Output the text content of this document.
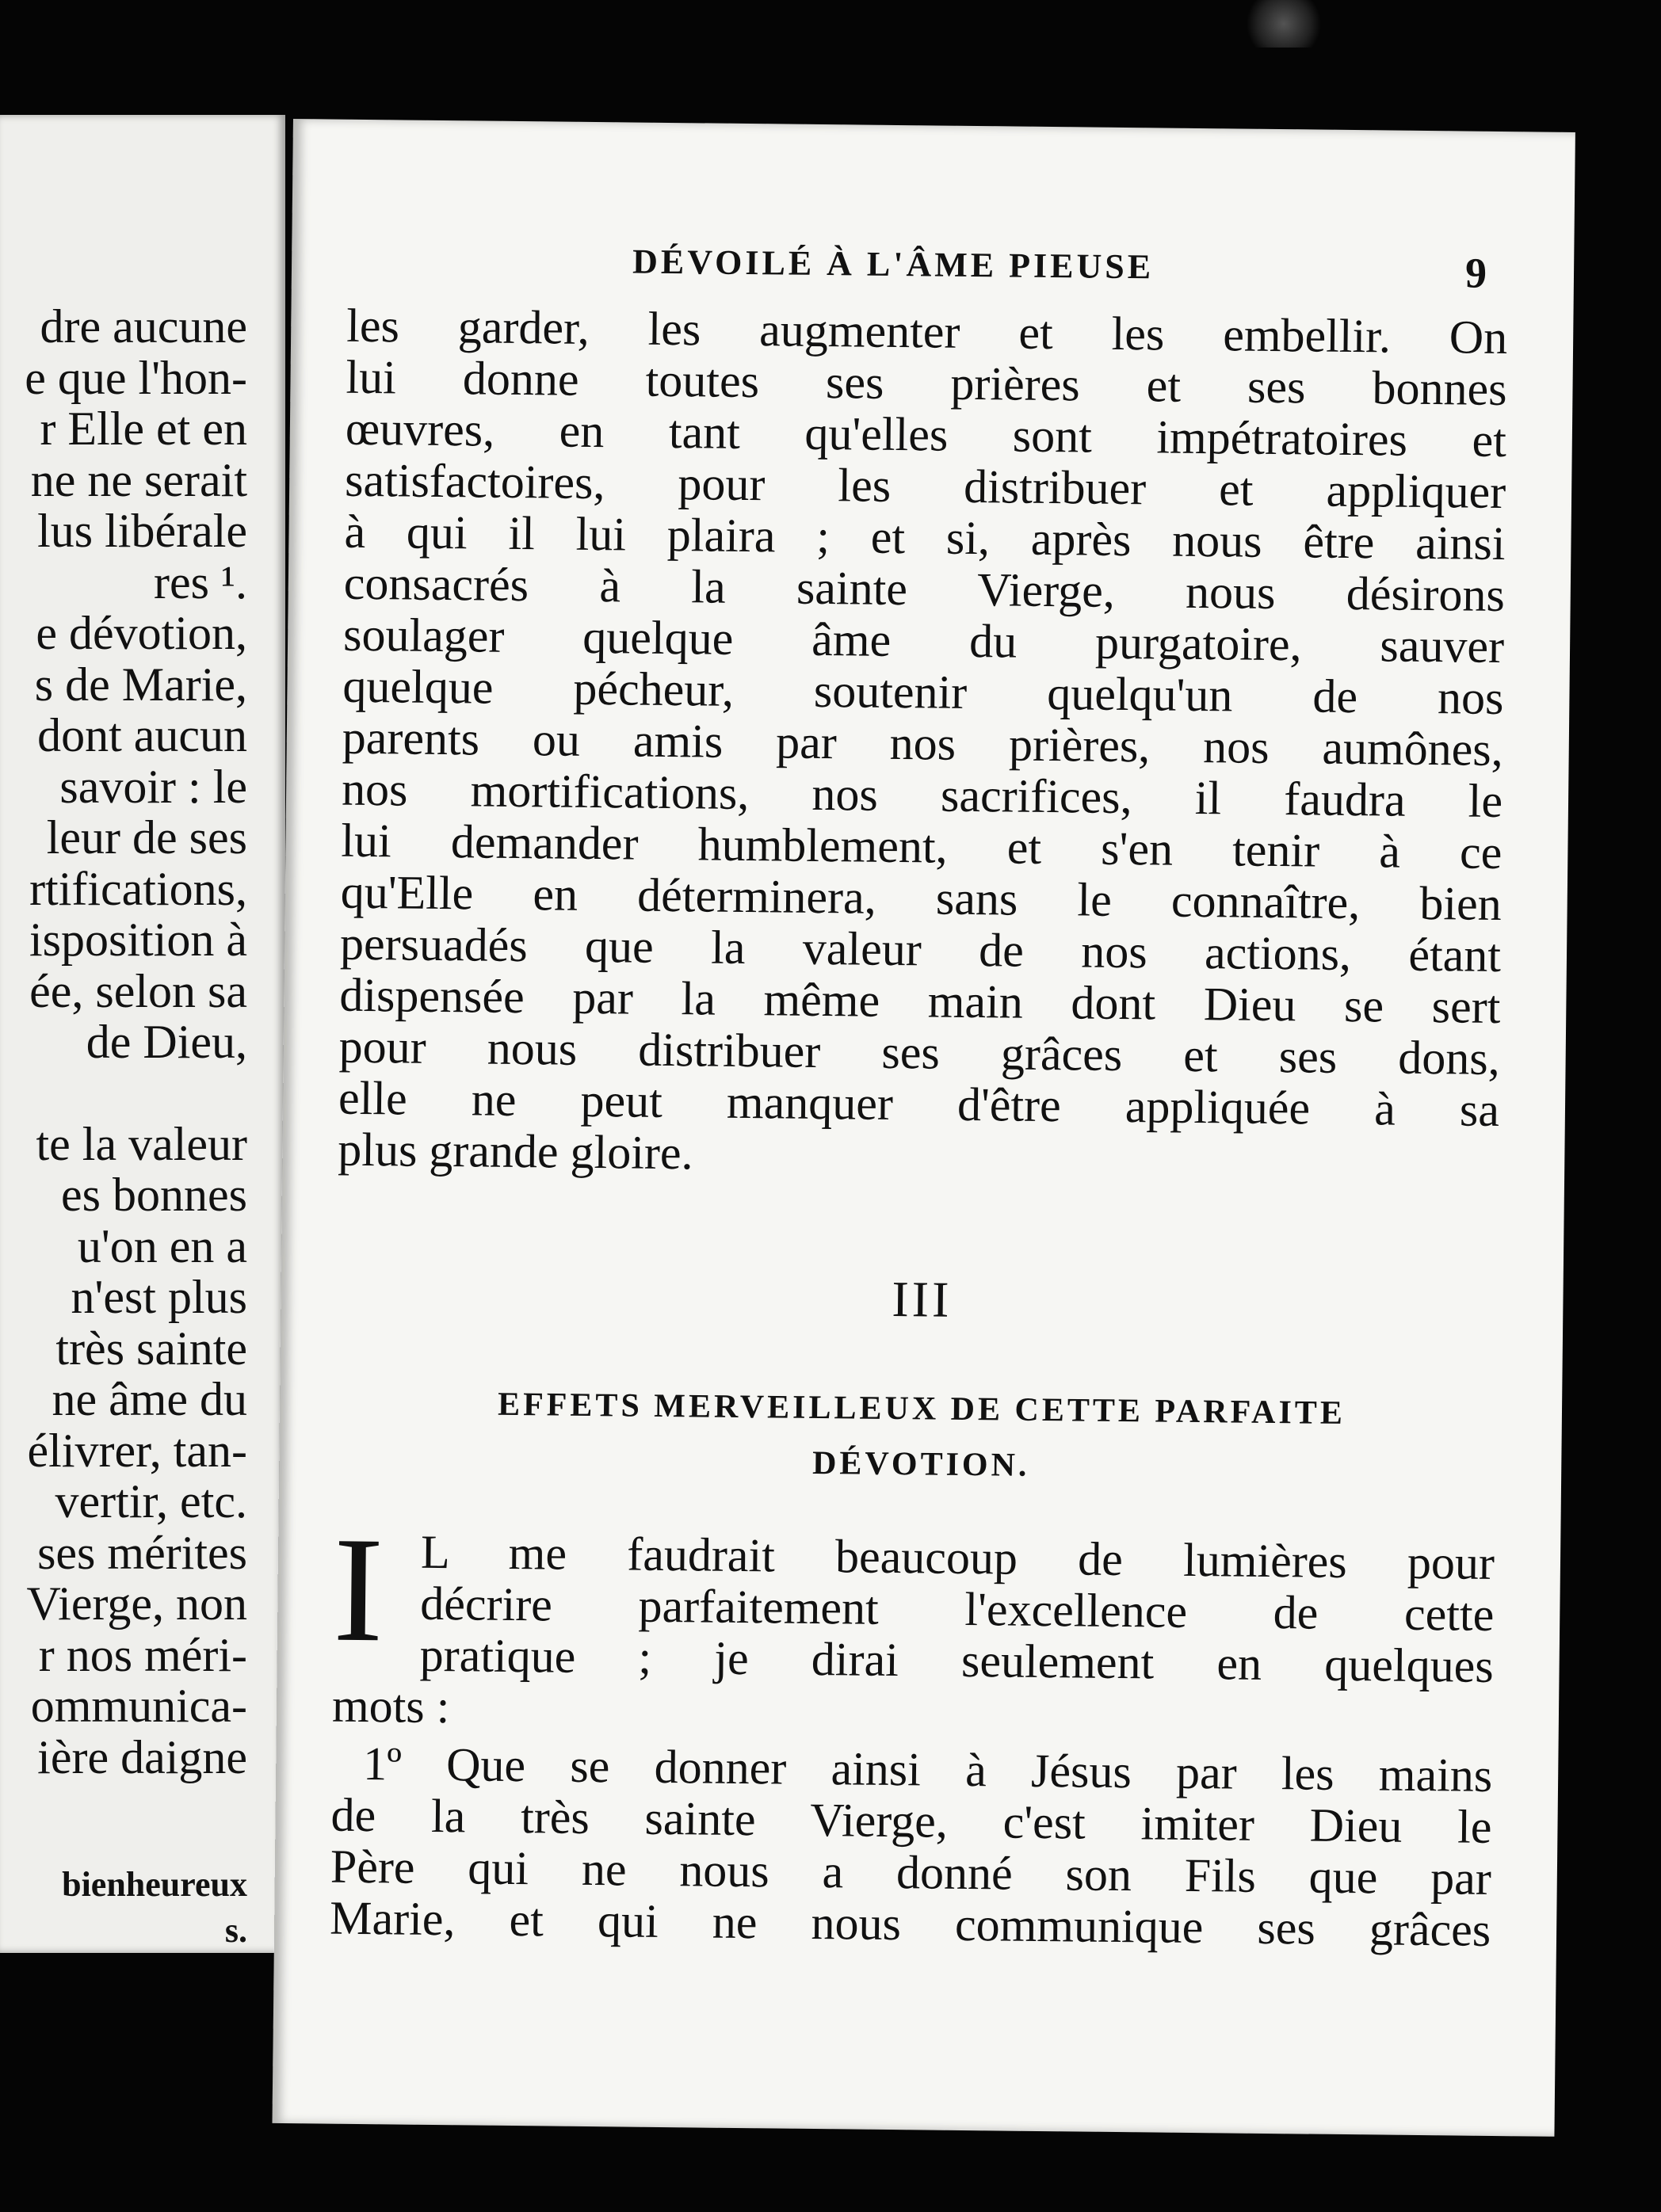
dre aucune
e que l'hon-
r Elle et en
ne ne serait
lus libérale
res ¹.
e dévotion,
s de Marie,
dont aucun
savoir : le
leur de ses
rtifications,
isposition à
ée, selon sa
de Dieu,
te la valeur
es bonnes
u'on en a
n'est plus
très sainte
ne âme du
élivrer, tan-
vertir, etc.
ses mérites
Vierge, non
r nos méri-
ommunica-
ière daigne
bienheureux
s.
DÉVOILÉ À L'ÂME PIEUSE	9
les garder, les augmenter et les embellir. On
lui donne toutes ses prières et ses bonnes
œuvres, en tant qu'elles sont impétratoires et
satisfactoires, pour les distribuer et appliquer
à qui il lui plaira ; et si, après nous être ainsi
consacrés à la sainte Vierge, nous désirons
soulager quelque âme du purgatoire, sauver
quelque pécheur, soutenir quelqu'un de nos
parents ou amis par nos prières, nos aumônes,
nos mortifications, nos sacrifices, il faudra le
lui demander humblement, et s'en tenir à ce
qu'Elle en déterminera, sans le connaître, bien
persuadés que la valeur de nos actions, étant
dispensée par la même main dont Dieu se sert
pour nous distribuer ses grâces et ses dons,
elle ne peut manquer d'être appliquée à sa
plus grande gloire.
III
EFFETS MERVEILLEUX DE CETTE PARFAITE
DÉVOTION.
I L me faudrait beaucoup de lumières pour
décrire parfaitement l'excellence de cette
pratique ; je dirai seulement en quelques
mots :
1º Que se donner ainsi à Jésus par les mains
de la très sainte Vierge, c'est imiter Dieu le
Père qui ne nous a donné son Fils que par
Marie, et qui ne nous communique ses grâces
